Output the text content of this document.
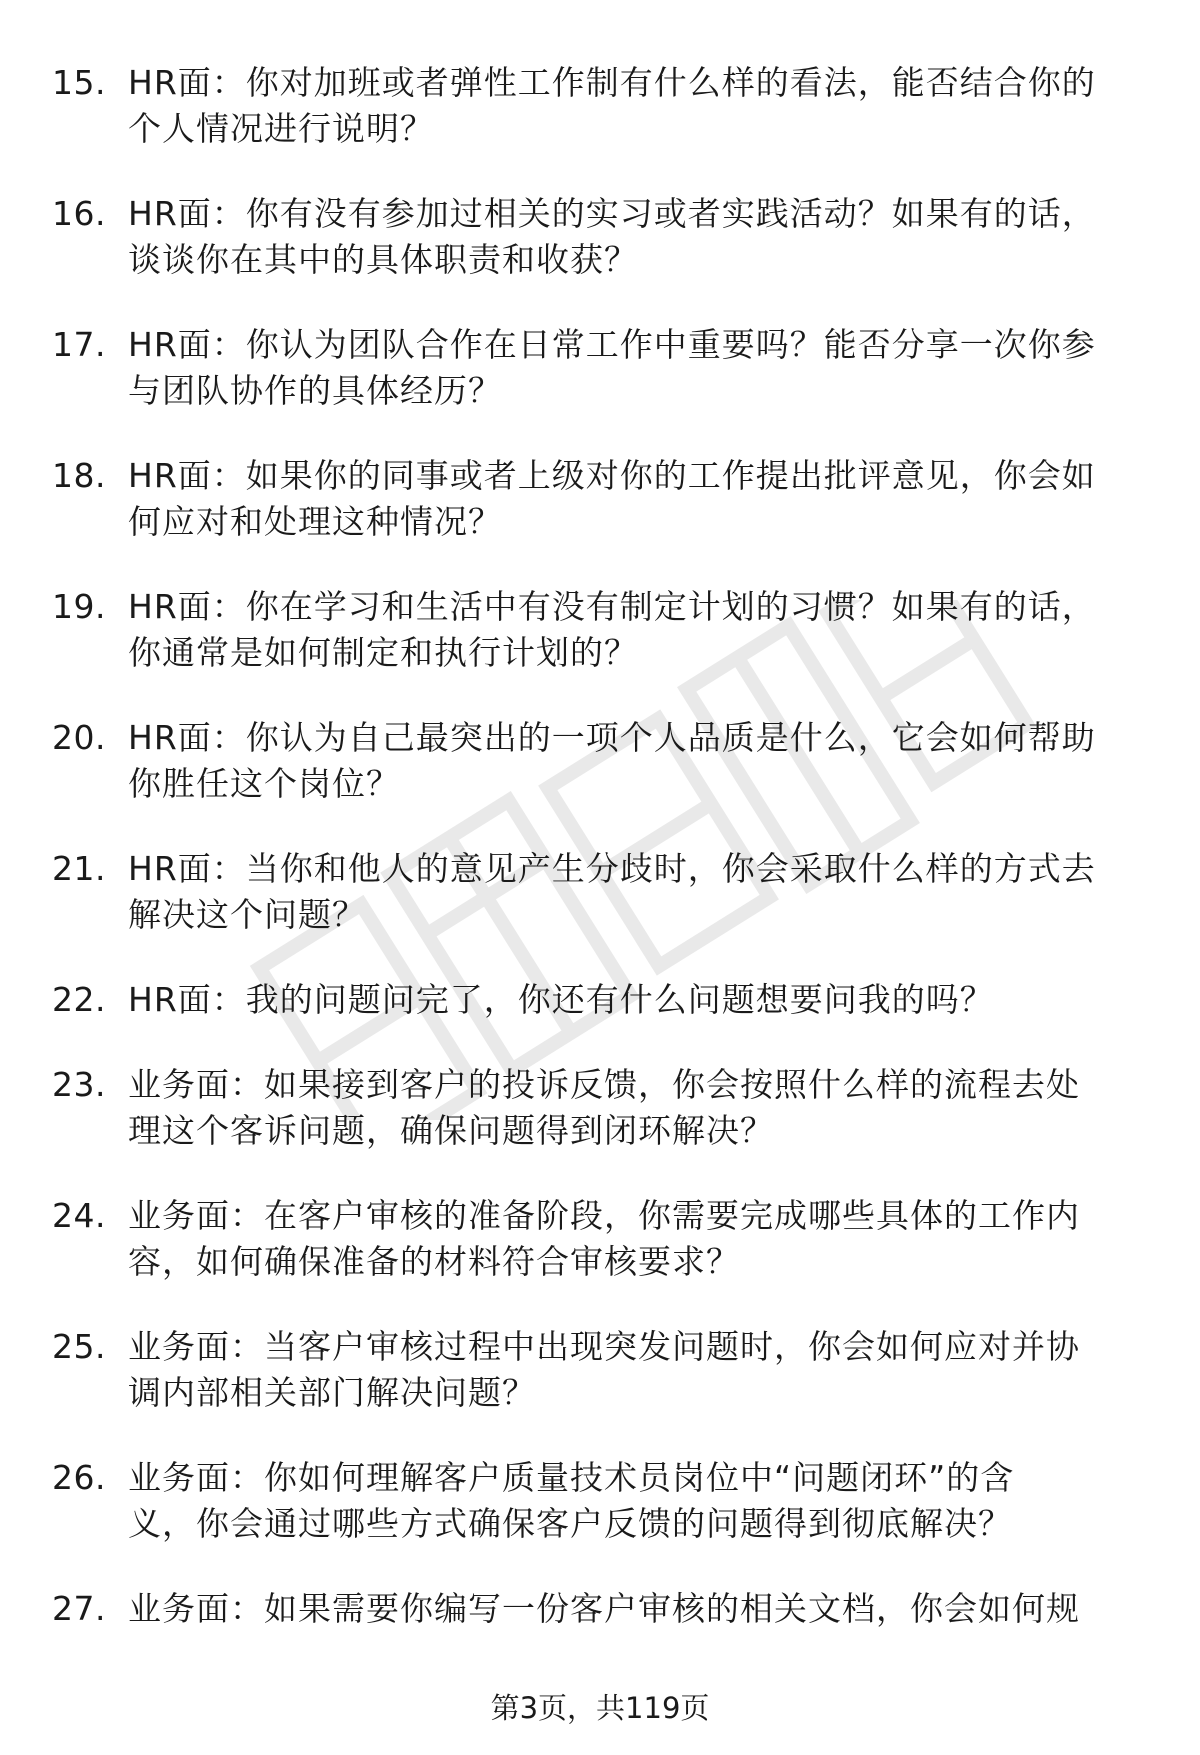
15. HR面：你对加班或者弹性工作制有什么样的看法，能否结合你的
个人情况进行说明？
16. HR面：你有没有参加过相关的实习或者实践活动？如果有的话，
谈谈你在其中的具体职责和收获？
17. HR面：你认为团队合作在日常工作中重要吗？能否分享一次你参
与团队协作的具体经历？
18. HR面：如果你的同事或者上级对你的工作提出批评意见，你会如
何应对和处理这种情况？
19. HR面：你在学习和生活中有没有制定计划的习惯？如果有的话，
你通常是如何制定和执行计划的？
20. HR面：你认为自己最突出的一项个人品质是什么，它会如何帮助
你胜任这个岗位？
21. HR面：当你和他人的意见产生分歧时，你会采取什么样的方式去
解决这个问题？
22. HR面：我的问题问完了，你还有什么问题想要问我的吗？
23. 业务面：如果接到客户的投诉反馈，你会按照什么样的流程去处
理这个客诉问题，确保问题得到闭环解决？
24. 业务面：在客户审核的准备阶段，你需要完成哪些具体的工作内
容，如何确保准备的材料符合审核要求？
25. 业务面：当客户审核过程中出现突发问题时，你会如何应对并协
调内部相关部门解决问题？
26. 业务面：你如何理解客户质量技术员岗位中“问题闭环”的含
义，你会通过哪些方式确保客户反馈的问题得到彻底解决？
27. 业务面：如果需要你编写一份客户审核的相关文档，你会如何规
第3页，共119页
